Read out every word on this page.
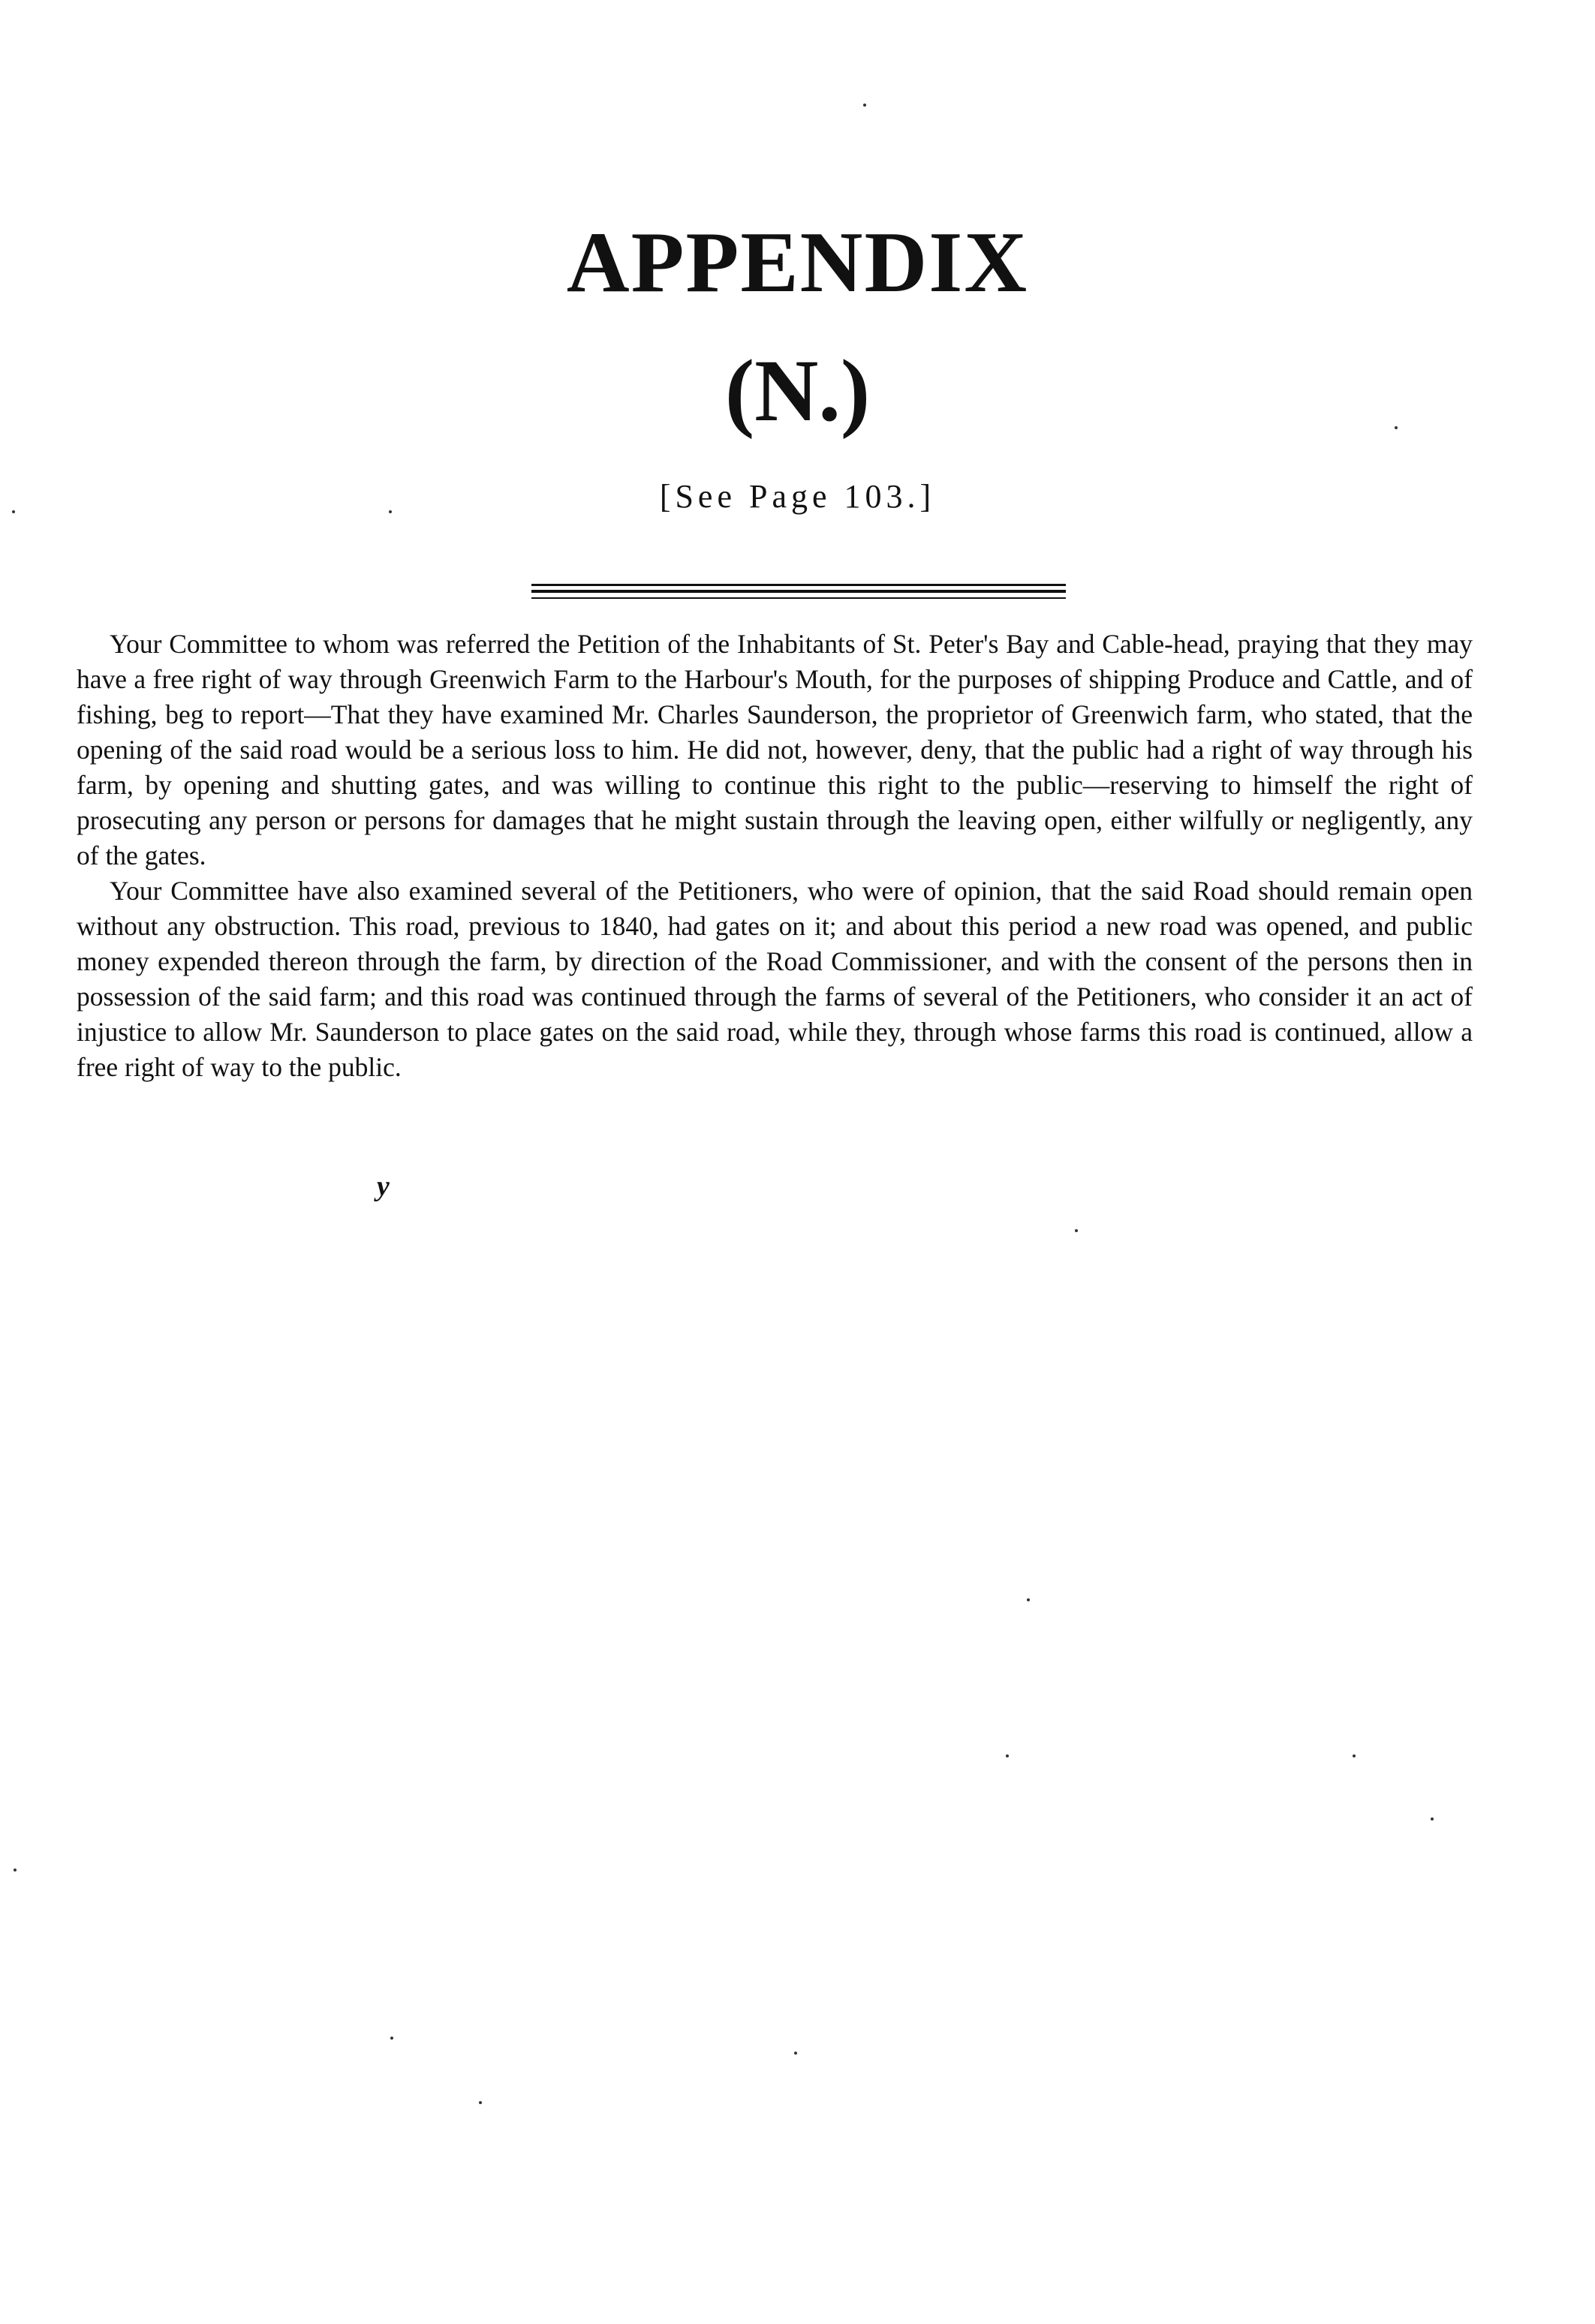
APPENDIX
(N.)
[See Page 103.]

Your Committee to whom was referred the Petition of the Inhabitants of St. Peter's Bay and Cable-head, praying that they may have a free right of way through Greenwich Farm to the Harbour's Mouth, for the purposes of shipping Produce and Cattle, and of fishing, beg to report—That they have examined Mr. Charles Saunderson, the proprietor of Greenwich farm, who stated, that the opening of the said road would be a serious loss to him. He did not, however, deny, that the public had a right of way through his farm, by opening and shutting gates, and was willing to continue this right to the public—reserving to himself the right of prosecuting any person or persons for damages that he might sustain through the leaving open, either wilfully or negligently, any of the gates.

Your Committee have also examined several of the Petitioners, who were of opinion, that the said Road should remain open without any obstruction. This road, previous to 1840, had gates on it; and about this period a new road was opened, and public money expended thereon through the farm, by direction of the Road Commissioner, and with the consent of the persons then in possession of the said farm; and this road was continued through the farms of several of the Petitioners, who consider it an act of injustice to allow Mr. Saunderson to place gates on the said road, while they, through whose farms this road is continued, allow a free right of way to the public.

y
